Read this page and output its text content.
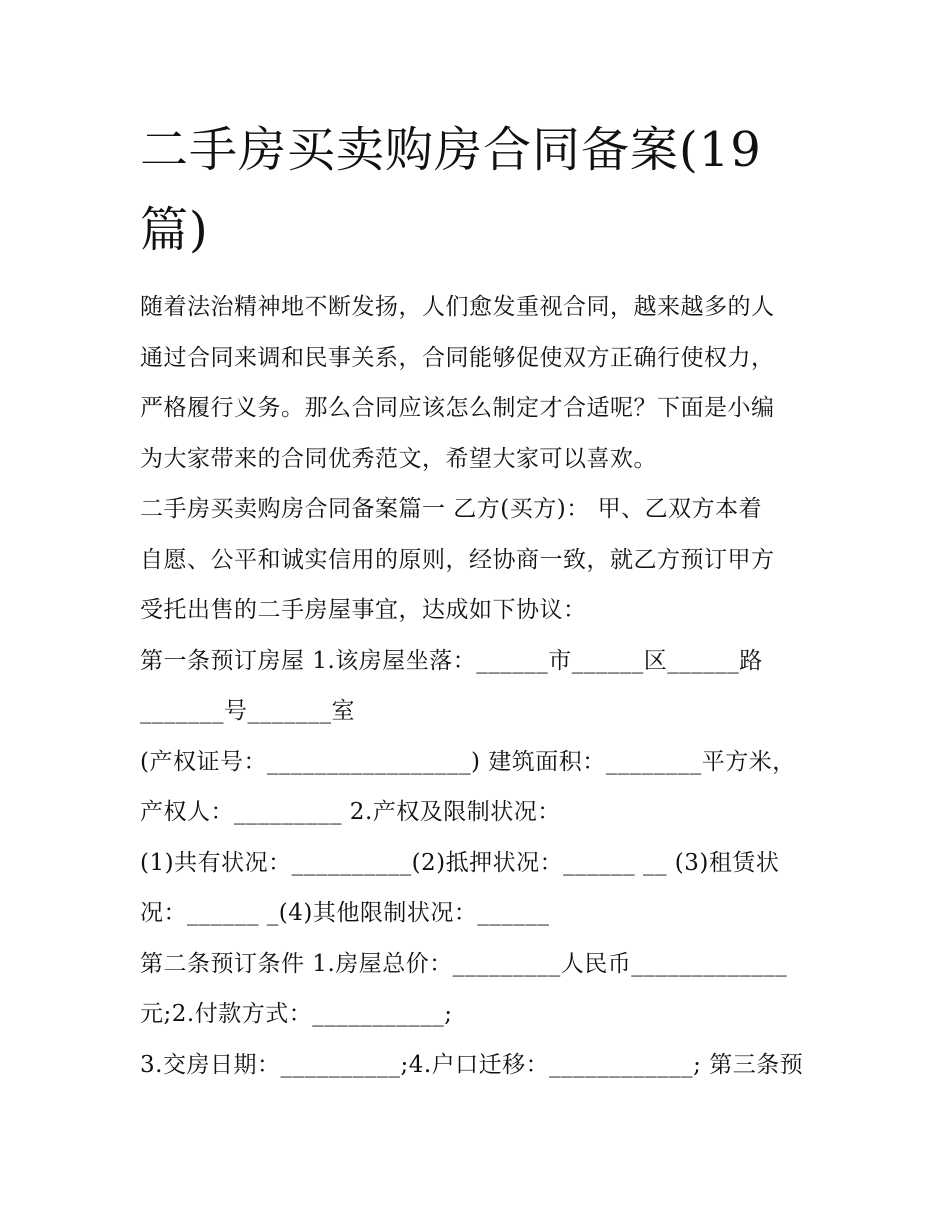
二手房买卖购房合同备案(19
篇)

随着法治精神地不断发扬，人们愈发重视合同，越来越多的人
通过合同来调和民事关系，合同能够促使双方正确行使权力，
严格履行义务。那么合同应该怎么制定才合适呢？下面是小编
为大家带来的合同优秀范文，希望大家可以喜欢。

二手房买卖购房合同备案篇一 乙方(买方)： 甲、乙双方本着
自愿、公平和诚实信用的原则，经协商一致，就乙方预订甲方
受托出售的二手房屋事宜，达成如下协议：

第一条预订房屋 1.该房屋坐落：______市______区______路
_______号_______室
(产权证号：_________________) 建筑面积：________平方米，
产权人：_________ 2.产权及限制状况：
(1)共有状况：__________(2)抵押状况：______ __ (3)租赁状
况：______ _(4)其他限制状况：______

第二条预订条件 1.房屋总价：_________人民币_____________
元;2.付款方式：___________;
3.交房日期：__________;4.户口迁移：____________; 第三条预
